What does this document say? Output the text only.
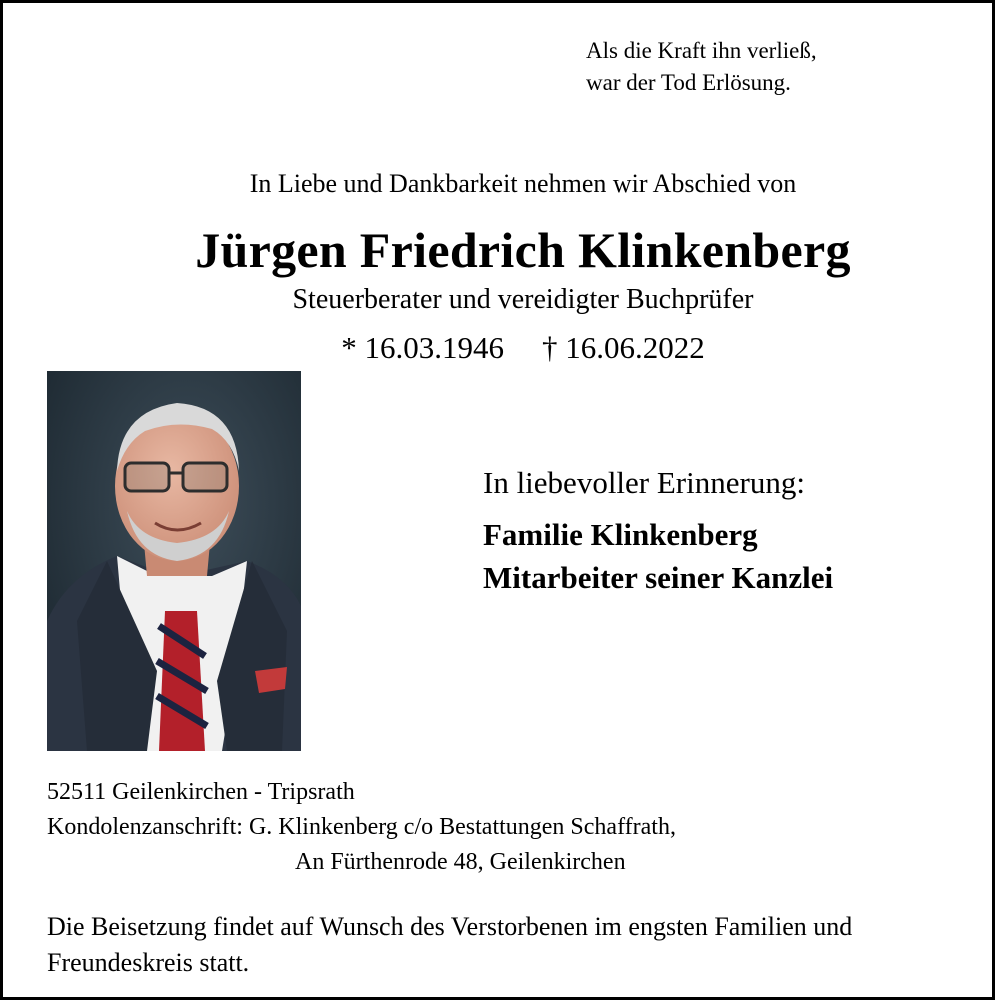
Als die Kraft ihn verließ,
war der Tod Erlösung.
In Liebe und Dankbarkeit nehmen wir Abschied von
Jürgen Friedrich Klinkenberg
Steuerberater und vereidigter Buchprüfer
* 16.03.1946 † 16.06.2022
In liebevoller Erinnerung:
Familie Klinkenberg
Mitarbeiter seiner Kanzlei
52511 Geilenkirchen - Tripsrath
Kondolenzanschrift: G. Klinkenberg c/o Bestattungen Schaffrath,
An Fürthenrode 48, Geilenkirchen
Die Beisetzung findet auf Wunsch des Verstorbenen im engsten Familien und Freundeskreis statt.
